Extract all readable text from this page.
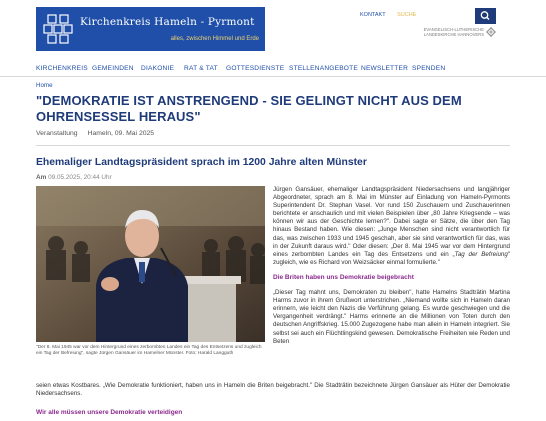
Kirchenkreis Hameln - Pyrmont
alles, zwischen Himmel und Erde
KONTAKT SUCHE
EVANGELISCH-LUTHERISCHE
LANDESKIRCHE HANNOVERS
KIRCHENKREIS GEMEINDEN DIAKONIE RAT & TAT GOTTESDIENSTE STELLENANGEBOTE NEWSLETTER SPENDEN
Home
"DEMOKRATIE IST ANSTRENGEND - SIE GELINGT NICHT AUS DEM OHRENSESSEL HERAUS"
Veranstaltung Hameln, 09. Mai 2025
Ehemaliger Landtagspräsident sprach im 1200 Jahre alten Münster
Am 09.05.2025, 20:44 Uhr
"Der 8. Mai 1945 war vor dem Hintergrund eines zerbombten Landes ein Tag des Entsetzens und zugleich ein Tag der Befreiung", sagte Jürgen Gansäuer im Hamelner Münster. Foto: Harald Langguth

Jürgen Gansäuer, ehemaliger Landtagspräsident Niedersachsens und langjähriger Abgeordneter, sprach am 8. Mai im Münster auf Einladung von Hameln-Pyrmonts Superintendent Dr. Stephan Vasel. Vor rund 150 Zuschauern und Zuschauerinnen berichtete er anschaulich und mit vielen Beispielen über „80 Jahre Kriegsende – was können wir aus der Geschichte lernen?". Dabei sagte er Sätze, die über den Tag hinaus Bestand haben. Wie diesen: „Junge Menschen sind nicht verantwortlich für das, was zwischen 1933 und 1945 geschah, aber sie sind verantwortlich für das, was in der Zukunft daraus wird." Oder diesen: „Der 8. Mai 1945 war vor dem Hintergrund eines zerbombten Landes ein Tag des Entsetzens und ein „Tag der Befreiung" zugleich, wie es Richard von Weizsäcker einmal formulierte."

Die Briten haben uns Demokratie beigebracht

„Dieser Tag mahnt uns, Demokraten zu bleiben", hatte Hamelns Stadträtin Martina Harms zuvor in ihrem Grußwort unterstrichen. „Niemand wollte sich in Hameln daran erinnern, wie leicht den Nazis die Verführung gelang. Es wurde geschwiegen und die Vergangenheit verdrängt." Harms erinnerte an die Millionen von Toten durch den deutschen Angriffskrieg. 15.000 Zugezogene habe man allein in Hameln integriert. Sie selbst sei auch ein Flüchtlingskind gewesen. Demokratische Freiheiten wie Reden und Beten

seien etwas Kostbares. „Wie Demokratie funktioniert, haben uns in Hameln die Briten beigebracht." Die Stadträtin bezeichnete Jürgen Gansäuer als Hüter der Demokratie Niedersachsens.
Wir alle müssen unsere Demokratie verteidigen
